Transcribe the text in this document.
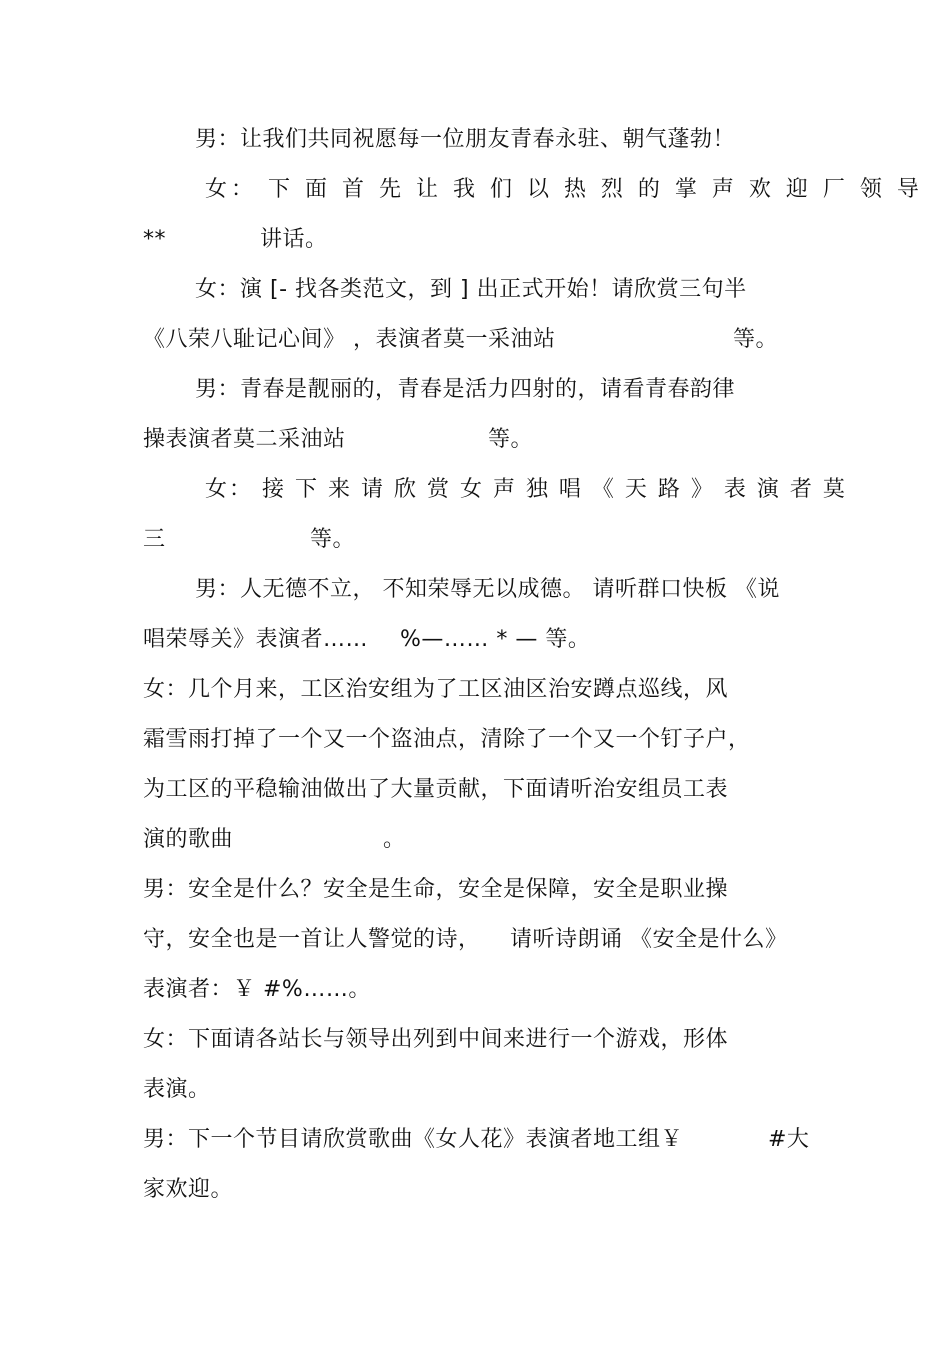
男：让我们共同祝愿每一位朋友青春永驻、朝气蓬勃！
女： 下 面 首 先 让 我 们 以 热 烈 的 掌 声 欢 迎 厂 领 导
**	讲话。
女：演 [- 找各类范文，到 ] 出正式开始！请欣赏三句半
《八荣八耻记心间》 ，表演者莫一采油站	等。
男：青春是靓丽的，青春是活力四射的，请看青春韵律
操表演者莫二采油站	等。
女： 接 下 来 请 欣 赏 女 声 独 唱 《 天 路 》 表 演 者 莫
三	等。
男：人无德不立， 不知荣辱无以成德。 请听群口快板 《说
唱荣辱关》表演者…… %—…… * — 等。
女：几个月来，工区治安组为了工区油区治安蹲点巡线，风
霜雪雨打掉了一个又一个盗油点，清除了一个又一个钉子户，
为工区的平稳输油做出了大量贡献，下面请听治安组员工表
演的歌曲	。
男：安全是什么？安全是生命，安全是保障，安全是职业操
守，安全也是一首让人警觉的诗， 请听诗朗诵 《安全是什么》
表演者：￥ #%……。
女：下面请各站长与领导出列到中间来进行一个游戏，形体
表演。
男：下一个节目请欣赏歌曲《女人花》表演者地工组￥	#大
家欢迎。
